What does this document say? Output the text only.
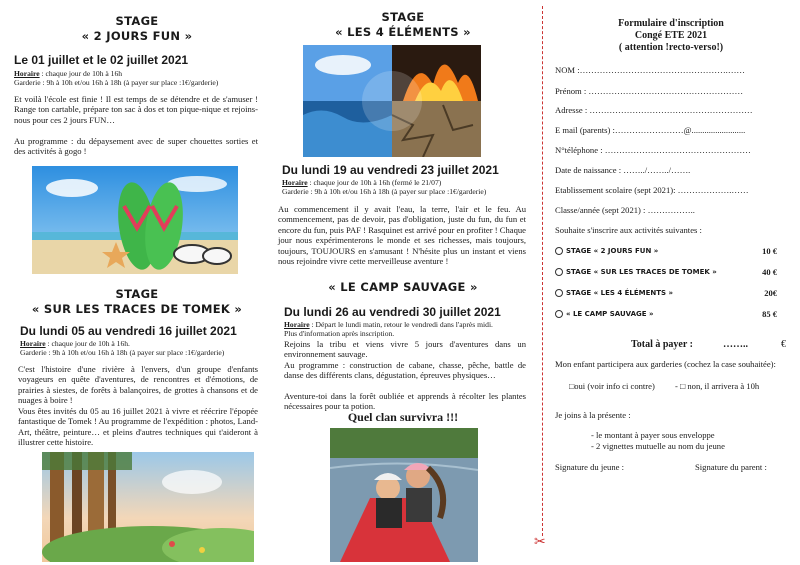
STAGE

« 2 JOURS FUN »

Le 01 juillet et le 02 juillet 2021

Horaire : chaque jour de 10h à 16h

Garderie : 9h à 10h et/ou 16h à 18h (à payer sur place :1€/garderie)

Et voilà l'école est finie ! Il est temps de se détendre et de s'amuser ! Range ton cartable, prépare ton sac à dos et ton pique-nique et rejoins-nous pour ces 2 jours FUN…

Au programme : du dépaysement avec de super chouettes sorties et des activités à gogo !

STAGE

« SUR LES TRACES DE TOMEK »

Du lundi 05 au vendredi 16 juillet 2021

Horaire : chaque jour de 10h à 16h.

Garderie : 9h à 10h et/ou 16h à 18h (à payer sur place :1€/garderie)

C'est l'histoire d'une rivière à l'envers, d'un groupe d'enfants voyageurs en quête d'aventures, de rencontres et d'émotions, de prairies à siestes, de forêts à balançoires, de grottes à chansons et de nuages à boire !

Vous êtes invités du 05 au 16 juillet 2021 à vivre et réécrire l'épopée fantastique de Tomek ! Au programme de l'expédition : photos, Land-Art, théâtre, peinture… et pleins d'autres techniques qui t'aideront à illustrer cette histoire.

STAGE

« LES 4 ÉLÉMENTS »

Du lundi 19 au vendredi 23 juillet 2021

Horaire : chaque jour de 10h à 16h (fermé le 21/07)

Garderie : 9h à 10h et/ou 16h à 18h (à payer sur place :1€/garderie)

Au commencement il y avait l'eau, la terre, l'air et le feu. Au commencement, pas de devoir, pas d'obligation, juste du fun, du fun et encore du fun, puis PAF ! Rasquinet est arrivé pour en profiter ! Chaque jour nous expérimenterons le monde et ses richesses, mais toujours, toujours, TOUJOURS en s'amusant ! N'hésite plus un instant et viens nous rejoindre vivre cette merveilleuse aventure !

« LE CAMP SAUVAGE »

Du lundi 26 au vendredi 30 juillet 2021

Horaire : Départ le lundi matin, retour le vendredi dans l'après midi.

Plus d'information après inscription.

Rejoins la tribu et viens vivre 5 jours d'aventures dans un environnement sauvage.

Au programme : construction de cabane, chasse, pêche, battle de danse des différents clans, dégustation, épreuves physiques…

Aventure-toi dans la forêt oubliée et apprends à récolter les plantes nécessaires pour ta potion.

Quel clan survivra !!!

✂

Formulaire d'inscription

Congé ETE 2021

( attention !recto-verso!)

NOM :…………………………………………….……

Prénom : ………………………………………………

Adresse : …………………………………………………

E mail (parents) :……………………@.........................

N°téléphone : ……………………………………………

Date de naissance : ……../……../…….

Etablissement scolaire (sept 2021): ……………….……

Classe/année (sept 2021) : ……………..

Souhaite s'inscrire aux activités suivantes :

STAGE « 2 JOURS FUN »	10 €
STAGE « SUR LES TRACES DE TOMEK »	40 €
STAGE « LES 4 ÉLÉMENTS »	20€
« LE CAMP SAUVAGE »	85 €

Total à payer :	……..	€

Mon enfant participera aux garderies (cochez la case souhaitée):

□oui (voir info ci contre) - □ non, il arrivera à 10h

Je joins à la présente :

- le montant à payer sous enveloppe

- 2 vignettes mutuelle au nom du jeune

Signature du jeune :	Signature du parent :
